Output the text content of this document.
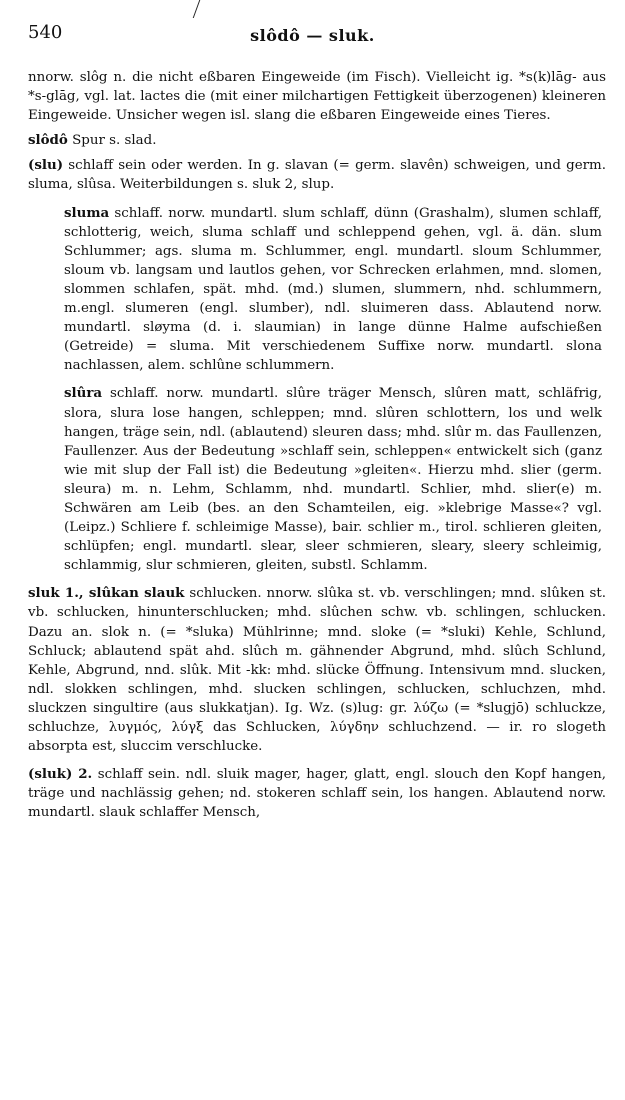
540	slôdô — sluk.

nnorw. slôg n. die nicht eßbaren Eingeweide (im Fisch). Vielleicht ig. *s(k)lāg- aus *s-glāg, vgl. lat. lactes die (mit einer milchartigen Fettigkeit überzogenen) kleineren Eingeweide. Unsicher wegen isl. slang die eßbaren Eingeweide eines Tieres.

slôdô Spur s. slad.

(slu) schlaff sein oder werden. In g. slavan (= germ. slavên) schweigen, und germ. sluma, slûsa. Weiterbildungen s. sluk 2, slup.

sluma schlaff. norw. mundartl. slum schlaff, dünn (Grashalm), slumen schlaff, schlotterig, weich, sluma schlaff und schleppend gehen, vgl. ä. dän. slum Schlummer; ags. sluma m. Schlummer, engl. mundartl. sloum Schlummer, sloum vb. langsam und lautlos gehen, vor Schrecken erlahmen, mnd. slomen, slommen schlafen, spät. mhd. (md.) slumen, slummern, nhd. schlummern, m.engl. slumeren (engl. slumber), ndl. sluimeren dass. Ablautend norw. mundartl. sløyma (d. i. slaumian) in lange dünne Halme aufschießen (Getreide) = sluma. Mit verschiedenem Suffixe norw. mundartl. slona nachlassen, alem. schlûne schlummern.

slûra schlaff. norw. mundartl. slûre träger Mensch, slûren matt, schläfrig, slora, slura lose hangen, schleppen; mnd. slûren schlottern, los und welk hangen, träge sein, ndl. (ablautend) sleuren dass; mhd. slûr m. das Faullenzen, Faullenzer. Aus der Bedeutung »schlaff sein, schleppen« entwickelt sich (ganz wie mit slup der Fall ist) die Bedeutung »gleiten«. Hierzu mhd. slier (germ. sleura) m. n. Lehm, Schlamm, nhd. mundartl. Schlier, mhd. slier(e) m. Schwären am Leib (bes. an den Schamteilen, eig. »klebrige Masse«? vgl. (Leipz.) Schliere f. schleimige Masse), bair. schlier m., tirol. schlieren gleiten, schlüpfen; engl. mundartl. slear, sleer schmieren, sleary, sleery schleimig, schlammig, slur schmieren, gleiten, substl. Schlamm.

sluk 1., slûkan slauk schlucken. nnorw. slûka st. vb. verschlingen; mnd. slûken st. vb. schlucken, hinunterschlucken; mhd. slûchen schw. vb. schlingen, schlucken. Dazu an. slok n. (= *sluka) Mühlrinne; mnd. sloke (= *sluki) Kehle, Schlund, Schluck; ablautend spät ahd. slûch m. gähnender Abgrund, mhd. slûch Schlund, Kehle, Abgrund, nnd. slûk. Mit -kk: mhd. slücke Öffnung. Intensivum mnd. slucken, ndl. slokken schlingen, mhd. slucken schlingen, schlucken, schluchzen, mhd. sluckzen singultire (aus slukkatjan). Ig. Wz. (s)lug: gr. λύζω (= *slugjō) schluckze, schluchze, λυγμός, λύγξ das Schlucken, λύγδην schluchzend. — ir. ro slogeth absorpta est, sluccim verschlucke.

(sluk) 2. schlaff sein. ndl. sluik mager, hager, glatt, engl. slouch den Kopf hangen, träge und nachlässig gehen; nd. stokeren schlaff sein, los hangen. Ablautend norw. mundartl. slauk schlaffer Mensch,
